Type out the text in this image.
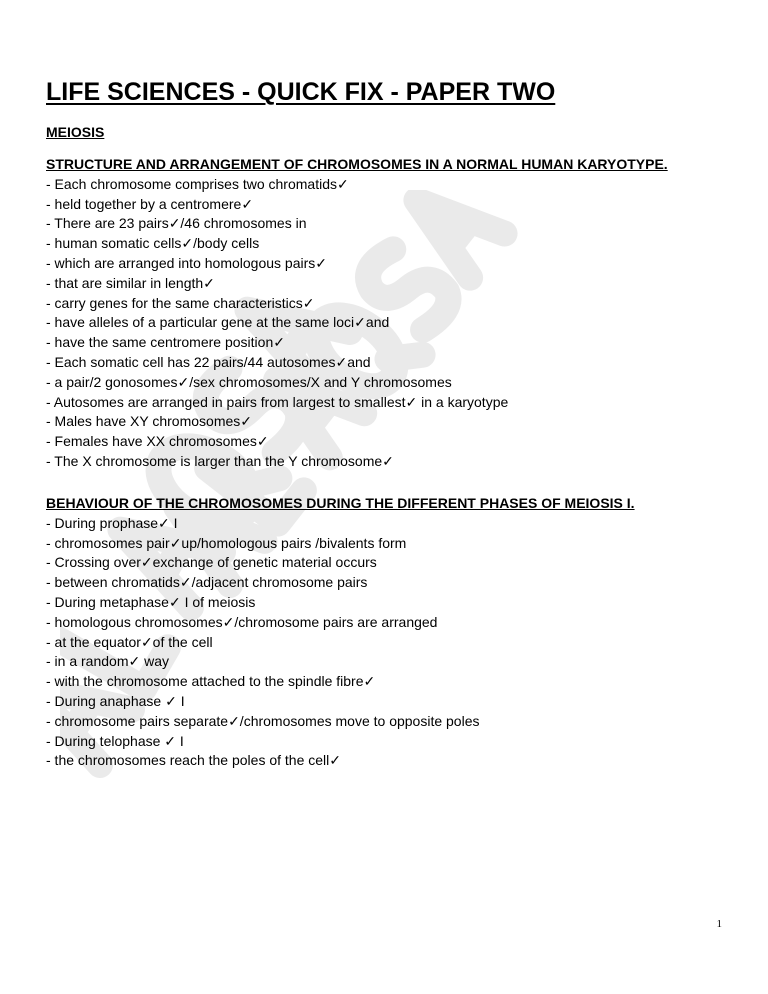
LIFE SCIENCES - QUICK FIX - PAPER TWO
MEIOSIS
STRUCTURE AND ARRANGEMENT OF CHROMOSOMES IN A NORMAL HUMAN KARYOTYPE.
- Each chromosome comprises two chromatids✓
- held together by a centromere✓
- There are 23 pairs✓/46 chromosomes in
- human somatic cells✓/body cells
- which are arranged into homologous pairs✓
- that are similar in length✓
- carry genes for the same characteristics✓
- have alleles of a particular gene at the same loci✓and
- have the same centromere position✓
- Each somatic cell has 22 pairs/44 autosomes✓and
- a pair/2 gonosomes✓/sex chromosomes/X and Y chromosomes
- Autosomes are arranged in pairs from largest to smallest✓ in a karyotype
- Males have XY chromosomes✓
- Females have XX chromosomes✓
- The X chromosome is larger than the Y chromosome✓
BEHAVIOUR OF THE CHROMOSOMES DURING THE DIFFERENT PHASES OF MEIOSIS I.
- During prophase✓ I
- chromosomes pair✓up/homologous pairs /bivalents form
- Crossing over✓exchange of genetic material occurs
- between chromatids✓/adjacent chromosome pairs
- During metaphase✓ I of meiosis
- homologous chromosomes✓/chromosome pairs are arranged
- at the equator✓of the cell
- in a random✓ way
- with the chromosome attached to the spindle fibre✓
- During anaphase ✓ I
- chromosome pairs separate✓/chromosomes move to opposite poles
- During telophase ✓ I
- the chromosomes reach the poles of the cell✓
1
